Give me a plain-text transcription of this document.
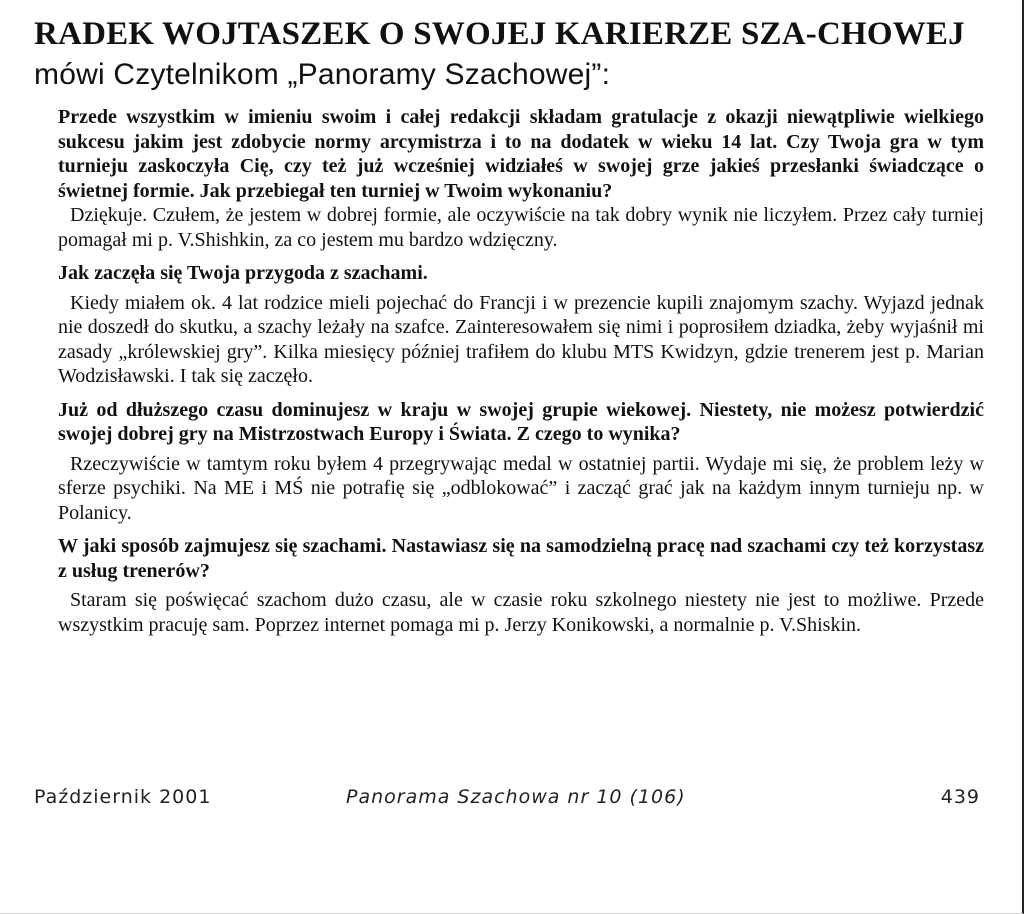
RADEK WOJTASZEK O SWOJEJ KARIERZE SZA-CHOWEJ mówi Czytelnikom „Panoramy Szachowej”:

Przede wszystkim w imieniu swoim i całej redakcji składam gratulacje z okazji niewątpliwie wielkiego sukcesu jakim jest zdobycie normy arcymistrza i to na dodatek w wieku 14 lat. Czy Twoja gra w tym turnieju zaskoczyła Cię, czy też już wcześniej widziałeś w swojej grze jakieś przesłanki świadczące o świetnej formie. Jak przebiegał ten turniej w Twoim wykonaniu?

Dziękuje. Czułem, że jestem w dobrej formie, ale oczywiście na tak dobry wynik nie liczyłem. Przez cały turniej pomagał mi p. V.Shishkin, za co jestem mu bardzo wdzięczny.

Jak zaczęła się Twoja przygoda z szachami.

Kiedy miałem ok. 4 lat rodzice mieli pojechać do Francji i w prezencie kupili znajomym szachy. Wyjazd jednak nie doszedł do skutku, a szachy leżały na szafce. Zainteresowałem się nimi i poprosiłem dziadka, żeby wyjaśnił mi zasady „królewskiej gry”. Kilka miesięcy później trafiłem do klubu MTS Kwidzyn, gdzie trenerem jest p. Marian Wodzisławski. I tak się zaczęło.

Już od dłuższego czasu dominujesz w kraju w swojej grupie wiekowej. Niestety, nie możesz potwierdzić swojej dobrej gry na Mistrzostwach Europy i Świata. Z czego to wynika?

Rzeczywiście w tamtym roku byłem 4 przegrywając medal w ostatniej partii. Wydaje mi się, że problem leży w sferze psychiki. Na ME i MŚ nie potrafię się „odblokować” i zacząć grać jak na każdym innym turnieju np. w Polanicy.

W jaki sposób zajmujesz się szachami. Nastawiasz się na samodzielną pracę nad szachami czy też korzystasz z usług trenerów?

Staram się poświęcać szachom dużo czasu, ale w czasie roku szkolnego niestety nie jest to możliwe. Przede wszystkim pracuję sam. Poprzez internet pomaga mi p. Jerzy Konikowski, a normalnie p. V.Shiskin.

Październik 2001	Panorama Szachowa nr 10 (106)	439
